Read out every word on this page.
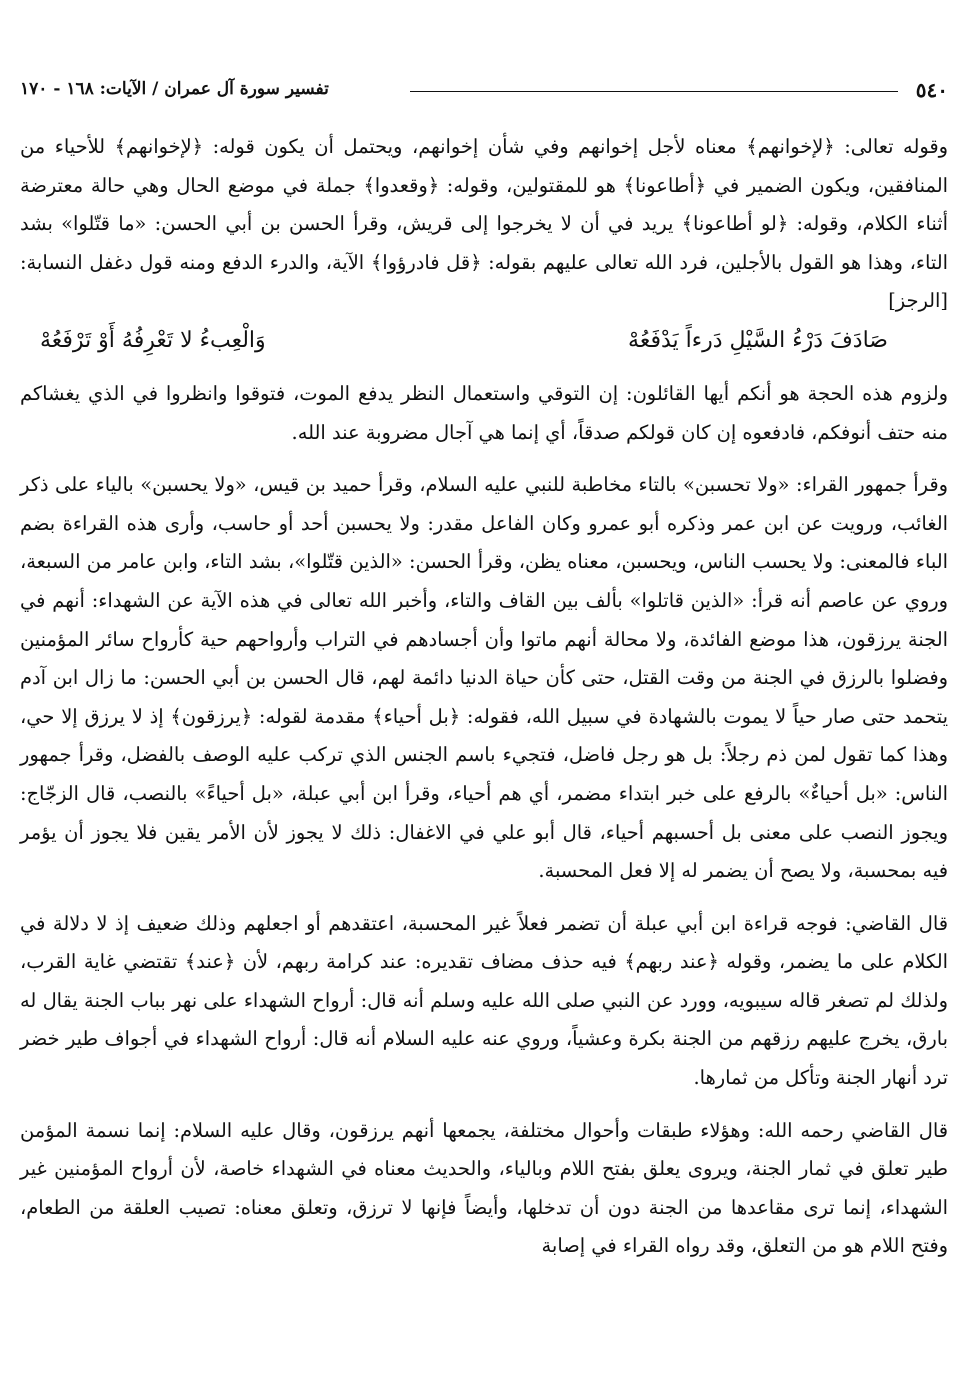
٥٤٠
تفسير سورة آل عمران / الآيات: ١٦٨ - ١٧٠

وقوله تعالى: ﴿لإخوانهم﴾ معناه لأجل إخوانهم وفي شأن إخوانهم، ويحتمل أن يكون قوله: ﴿لإخوانهم﴾ للأحياء من المنافقين، ويكون الضمير في ﴿أطاعونا﴾ هو للمقتولين، وقوله: ﴿وقعدوا﴾ جملة في موضع الحال وهي حالة معترضة أثناء الكلام، وقوله: ﴿لو أطاعونا﴾ يريد في أن لا يخرجوا إلى قريش، وقرأ الحسن بن أبي الحسن: «ما قتّلوا» بشد التاء، وهذا هو القول بالأجلين، فرد الله تعالى عليهم بقوله: ﴿قل فادرؤوا﴾ الآية، والدرء الدفع ومنه قول دغفل النسابة: [الرجز]

صَادَفَ دَرْءُ السَّيْلِ دَرءاً يَدْفَعُهْ
وَالْعِبءُ لا تَعْرِفُهُ أَوْ تَرْفَعُهْ

ولزوم هذه الحجة هو أنكم أيها القائلون: إن التوقي واستعمال النظر يدفع الموت، فتوقوا وانظروا في الذي يغشاكم منه حتف أنوفكم، فادفعوه إن كان قولكم صدقاً، أي إنما هي آجال مضروبة عند الله.

وقرأ جمهور القراء: «ولا تحسبن» بالتاء مخاطبة للنبي عليه السلام، وقرأ حميد بن قيس، «ولا يحسبن» بالياء على ذكر الغائب، ورويت عن ابن عمر وذكره أبو عمرو وكان الفاعل مقدر: ولا يحسبن أحد أو حاسب، وأرى هذه القراءة بضم الباء فالمعنى: ولا يحسب الناس، ويحسبن، معناه يظن، وقرأ الحسن: «الذين قتّلوا»، بشد التاء، وابن عامر من السبعة، وروي عن عاصم أنه قرأ: «الذين قاتلوا» بألف بين القاف والتاء، وأخبر الله تعالى في هذه الآية عن الشهداء: أنهم في الجنة يرزقون، هذا موضع الفائدة، ولا محالة أنهم ماتوا وأن أجسادهم في التراب وأرواحهم حية كأرواح سائر المؤمنين وفضلوا بالرزق في الجنة من وقت القتل، حتى كأن حياة الدنيا دائمة لهم، قال الحسن بن أبي الحسن: ما زال ابن آدم يتحمد حتى صار حياً لا يموت بالشهادة في سبيل الله، فقوله: ﴿بل أحياء﴾ مقدمة لقوله: ﴿يرزقون﴾ إذ لا يرزق إلا حي، وهذا كما تقول لمن ذم رجلاً: بل هو رجل فاضل، فتجيء باسم الجنس الذي تركب عليه الوصف بالفضل، وقرأ جمهور الناس: «بل أحياءٌ» بالرفع على خبر ابتداء مضمر، أي هم أحياء، وقرأ ابن أبي عبلة، «بل أحياءً» بالنصب، قال الزجّاج: ويجوز النصب على معنى بل أحسبهم أحياء، قال أبو علي في الاغفال: ذلك لا يجوز لأن الأمر يقين فلا يجوز أن يؤمر فيه بمحسبة، ولا يصح أن يضمر له إلا فعل المحسبة.

قال القاضي: فوجه قراءة ابن أبي عبلة أن تضمر فعلاً غير المحسبة، اعتقدهم أو اجعلهم وذلك ضعيف إذ لا دلالة في الكلام على ما يضمر، وقوله ﴿عند ربهم﴾ فيه حذف مضاف تقديره: عند كرامة ربهم، لأن ﴿عند﴾ تقتضي غاية القرب، ولذلك لم تصغر قاله سيبويه، وورد عن النبي صلى الله عليه وسلم أنه قال: أرواح الشهداء على نهر بباب الجنة يقال له بارق، يخرج عليهم رزقهم من الجنة بكرة وعشياً، وروي عنه عليه السلام أنه قال: أرواح الشهداء في أجواف طير خضر ترد أنهار الجنة وتأكل من ثمارها.

قال القاضي رحمه الله: وهؤلاء طبقات وأحوال مختلفة، يجمعها أنهم يرزقون، وقال عليه السلام: إنما نسمة المؤمن طير تعلق في ثمار الجنة، ويروى يعلق بفتح اللام وبالياء، والحديث معناه في الشهداء خاصة، لأن أرواح المؤمنين غير الشهداء، إنما ترى مقاعدها من الجنة دون أن تدخلها، وأيضاً فإنها لا ترزق، وتعلق معناه: تصيب العلقة من الطعام، وفتح اللام هو من التعلق، وقد رواه القراء في إصابة
